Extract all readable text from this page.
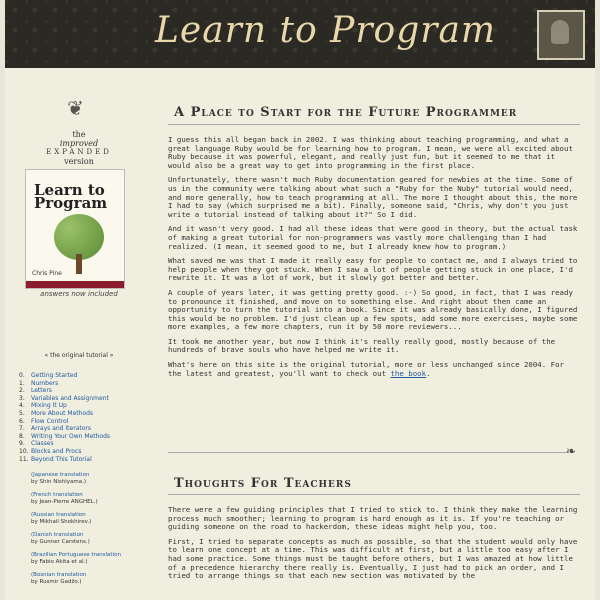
Learn to Program
❦
the
improved
EXPANDED
version
Learn to
Program
Chris Pine
answers now included
« the original tutorial »
0. Getting Started
1. Numbers
2. Letters
3. Variables and Assignment
4. Mixing It Up
5. More About Methods
6. Flow Control
7. Arrays and Iterators
8. Writing Your Own Methods
9. Classes
10. Blocks and Procs
11. Beyond This Tutorial
(Japanese translation
by Shin Nishiyama.)
(French translation
by Jean-Pierre ANGHEL.)
(Russian translation
by Mikhail Shokhirev.)
(Danish translation
by Gunner Carstens.)
(Brazilian Portuguese translation
by Fabio Akita et al.)
(Bosnian translation
by Rusmir Gadžo.)
A Place to Start for the Future Programmer

I guess this all began back in 2002. I was thinking about teaching programming, and what a great language Ruby would be for learning how to program. I mean, we were all excited about Ruby because it was powerful, elegant, and really just fun, but it seemed to me that it would also be a great way to get into programming in the first place.

Unfortunately, there wasn't much Ruby documentation geared for newbies at the time. Some of us in the community were talking about what such a "Ruby for the Nuby" tutorial would need, and more generally, how to teach programming at all. The more I thought about this, the more I had to say (which surprised me a bit). Finally, someone said, "Chris, why don't you just write a tutorial instead of talking about it?" So I did.

And it wasn't very good. I had all these ideas that were good in theory, but the actual task of making a great tutorial for non-programmers was vastly more challenging than I had realized. (I mean, it seemed good to me, but I already knew how to program.)

What saved me was that I made it really easy for people to contact me, and I always tried to help people when they got stuck. When I saw a lot of people getting stuck in one place, I'd rewrite it. It was a lot of work, but it slowly got better and better.

A couple of years later, it was getting pretty good. :-) So good, in fact, that I was ready to pronounce it finished, and move on to something else. And right about then came an opportunity to turn the tutorial into a book. Since it was already basically done, I figured this would be no problem. I'd just clean up a few spots, add some more exercises, maybe some more examples, a few more chapters, run it by 50 more reviewers...

It took me another year, but now I think it's really really good, mostly because of the hundreds of brave souls who have helped me write it.

What's here on this site is the original tutorial, more or less unchanged since 2004. For the latest and greatest, you'll want to check out the book.

❧
Thoughts For Teachers

There were a few guiding principles that I tried to stick to. I think they make the learning process much smoother; learning to program is hard enough as it is. If you're teaching or guiding someone on the road to hackerdom, these ideas might help you, too.

First, I tried to separate concepts as much as possible, so that the student would only have to learn one concept at a time. This was difficult at first, but a little too easy after I had some practice. Some things must be taught before others, but I was amazed at how little of a precedence hierarchy there really is. Eventually, I just had to pick an order, and I tried to arrange things so that each new section was motivated by the
